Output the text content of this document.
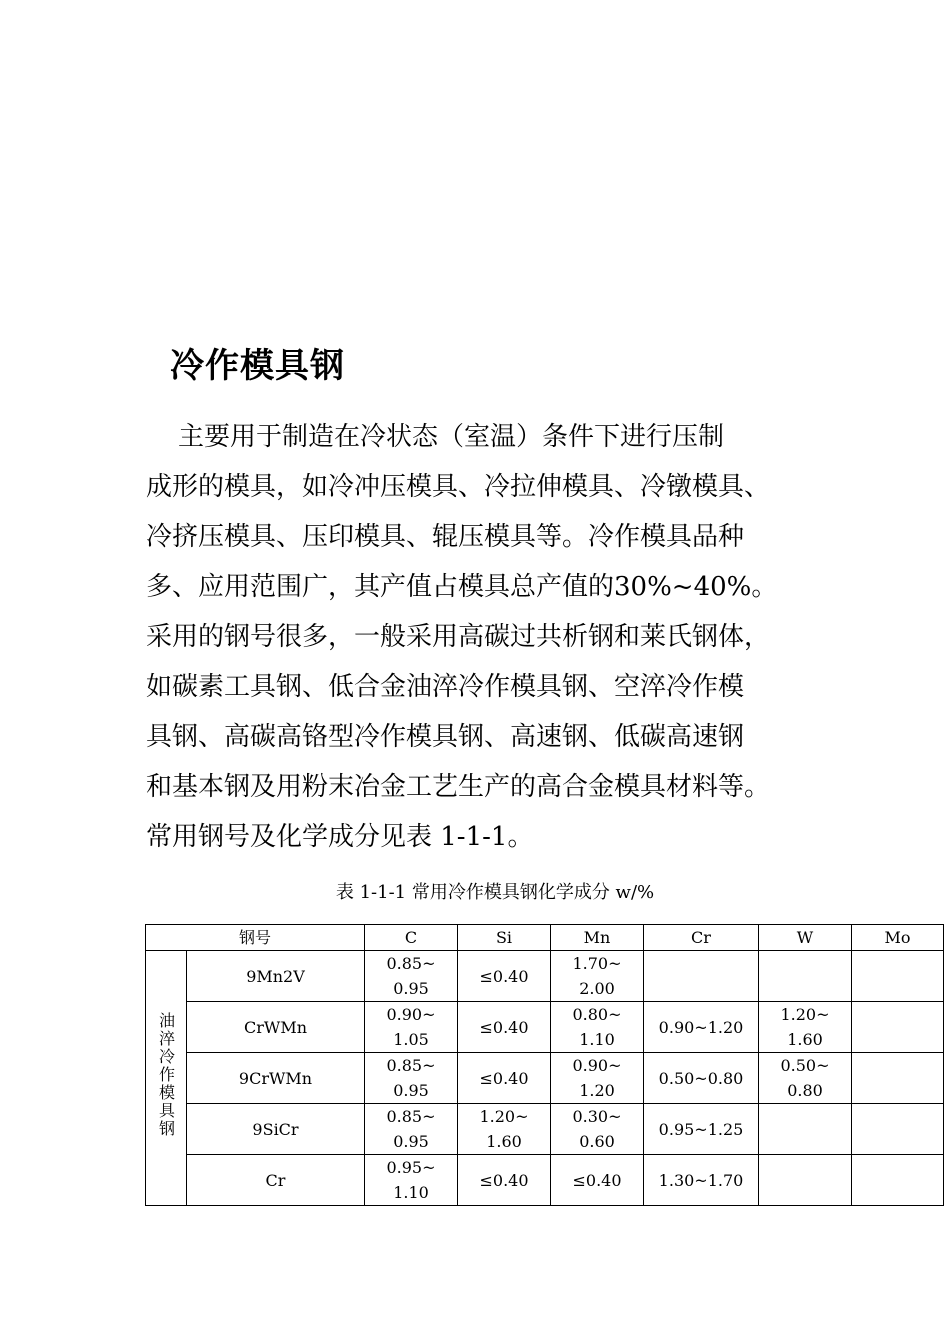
冷作模具钢
主要用于制造在冷状态（室温）条件下进行压制
成形的模具，如冷冲压模具、冷拉伸模具、冷镦模具、
冷挤压模具、压印模具、辊压模具等。冷作模具品种
多、应用范围广，其产值占模具总产值的30%~40%。
采用的钢号很多，一般采用高碳过共析钢和莱氏钢体，
如碳素工具钢、低合金油淬冷作模具钢、空淬冷作模
具钢、高碳高铬型冷作模具钢、高速钢、低碳高速钢
和基本钢及用粉末冶金工艺生产的高合金模具材料等。
常用钢号及化学成分见表 1-1-1。
表 1-1-1 常用冷作模具钢化学成分 w/%
钢号		C	Si	Mn	Cr	W	Mo
油淬冷作模具钢	9Mn2V	0.85~0.95	≤0.40	1.70~2.00			
	CrWMn	0.90~1.05	≤0.40	0.80~1.10	0.90~1.20	1.20~1.60	
	9CrWMn	0.85~0.95	≤0.40	0.90~1.20	0.50~0.80	0.50~0.80	
	9SiCr	0.85~0.95	1.20~1.60	0.30~0.60	0.95~1.25		
	Cr	0.95~1.10	≤0.40	≤0.40	1.30~1.70		
